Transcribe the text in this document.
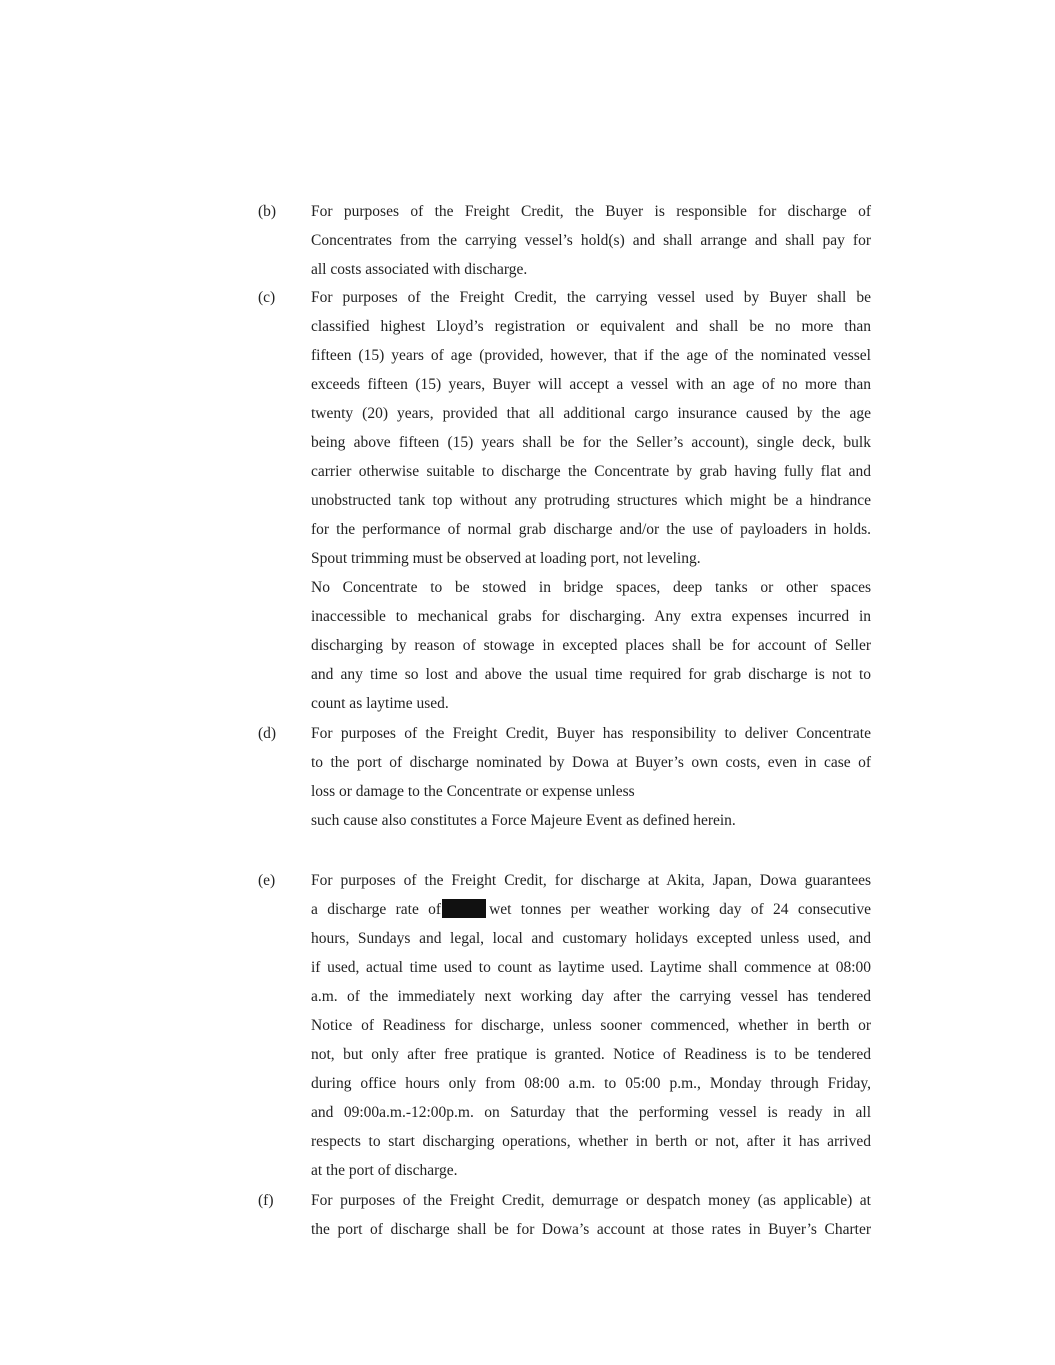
(b) For purposes of the Freight Credit, the Buyer is responsible for discharge of
Concentrates from the carrying vessel’s hold(s) and shall arrange and shall pay for
all costs associated with discharge.
(c) For purposes of the Freight Credit, the carrying vessel used by Buyer shall be
classified highest Lloyd’s registration or equivalent and shall be no more than
fifteen (15) years of age (provided, however, that if the age of the nominated vessel
exceeds fifteen (15) years, Buyer will accept a vessel with an age of no more than
twenty (20) years, provided that all additional cargo insurance caused by the age
being above fifteen (15) years shall be for the Seller’s account), single deck, bulk
carrier otherwise suitable to discharge the Concentrate by grab having fully flat and
unobstructed tank top without any protruding structures which might be a hindrance
for the performance of normal grab discharge and/or the use of payloaders in holds.
Spout trimming must be observed at loading port, not leveling.
No Concentrate to be stowed in bridge spaces, deep tanks or other spaces
inaccessible to mechanical grabs for discharging. Any extra expenses incurred in
discharging by reason of stowage in excepted places shall be for account of Seller
and any time so lost and above the usual time required for grab discharge is not to
count as laytime used.
(d) For purposes of the Freight Credit, Buyer has responsibility to deliver Concentrate
to the port of discharge nominated by Dowa at Buyer’s own costs, even in case of
loss or damage to the Concentrate or expense unless
such cause also constitutes a Force Majeure Event as defined herein.
(e) For purposes of the Freight Credit, for discharge at Akita, Japan, Dowa guarantees
a discharge rate of	wet tonnes per weather working day of 24 consecutive
hours, Sundays and legal, local and customary holidays excepted unless used, and
if used, actual time used to count as laytime used. Laytime shall commence at 08:00
a.m. of the immediately next working day after the carrying vessel has tendered
Notice of Readiness for discharge, unless sooner commenced, whether in berth or
not, but only after free pratique is granted. Notice of Readiness is to be tendered
during office hours only from 08:00 a.m. to 05:00 p.m., Monday through Friday,
and 09:00a.m.-12:00p.m. on Saturday that the performing vessel is ready in all
respects to start discharging operations, whether in berth or not, after it has arrived
at the port of discharge.
(f) For purposes of the Freight Credit, demurrage or despatch money (as applicable) at
the port of discharge shall be for Dowa’s account at those rates in Buyer’s Charter
